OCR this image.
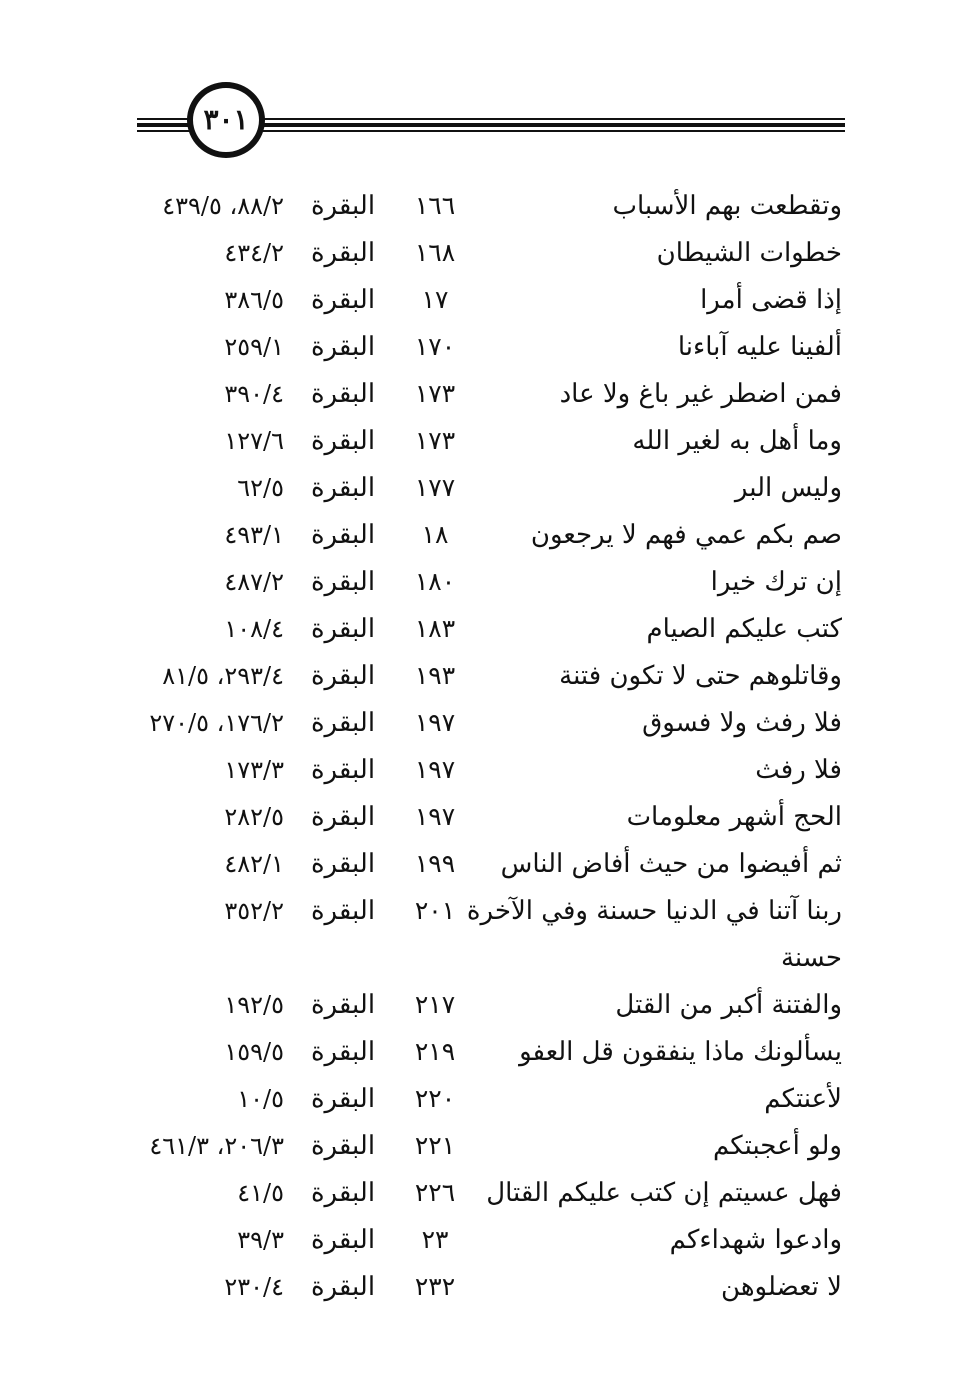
٣٠١
وتقطعت بهم الأسباب
١٦٦
البقرة
٨٨/٢، ٤٣٩/٥
خطوات الشيطان
١٦٨
البقرة
٤٣٤/٢
إذا قضى أمرا
١٧
البقرة
٣٨٦/٥
ألفينا عليه آباءنا
١٧٠
البقرة
٢٥٩/١
فمن اضطر غير باغ ولا عاد
١٧٣
البقرة
٣٩٠/٤
وما أهل به لغير الله
١٧٣
البقرة
١٢٧/٦
وليس البر
١٧٧
البقرة
٦٢/٥
صم بكم عمي فهم لا يرجعون
١٨
البقرة
٤٩٣/١
إن ترك خيرا
١٨٠
البقرة
٤٨٧/٢
كتب عليكم الصيام
١٨٣
البقرة
١٠٨/٤
وقاتلوهم حتى لا تكون فتنة
١٩٣
البقرة
٢٩٣/٤، ٨١/٥
فلا رفث ولا فسوق
١٩٧
البقرة
١٧٦/٢، ٢٧٠/٥
فلا رفث
١٩٧
البقرة
١٧٣/٣
الحج أشهر معلومات
١٩٧
البقرة
٢٨٢/٥
ثم أفيضوا من حيث أفاض الناس
١٩٩
البقرة
٤٨٢/١
ربنا آتنا في الدنيا حسنة وفي الآخرة
٢٠١
البقرة
٣٥٢/٢
حسنة
والفتنة أكبر من القتل
٢١٧
البقرة
١٩٢/٥
يسألونك ماذا ينفقون قل العفو
٢١٩
البقرة
١٥٩/٥
لأعنتكم
٢٢٠
البقرة
١٠/٥
ولو أعجبتكم
٢٢١
البقرة
٢٠٦/٣، ٤٦١/٣
فهل عسيتم إن كتب عليكم القتال
٢٢٦
البقرة
٤١/٥
وادعوا شهداءكم
٢٣
البقرة
٣٩/٣
لا تعضلوهن
٢٣٢
البقرة
٢٣٠/٤
